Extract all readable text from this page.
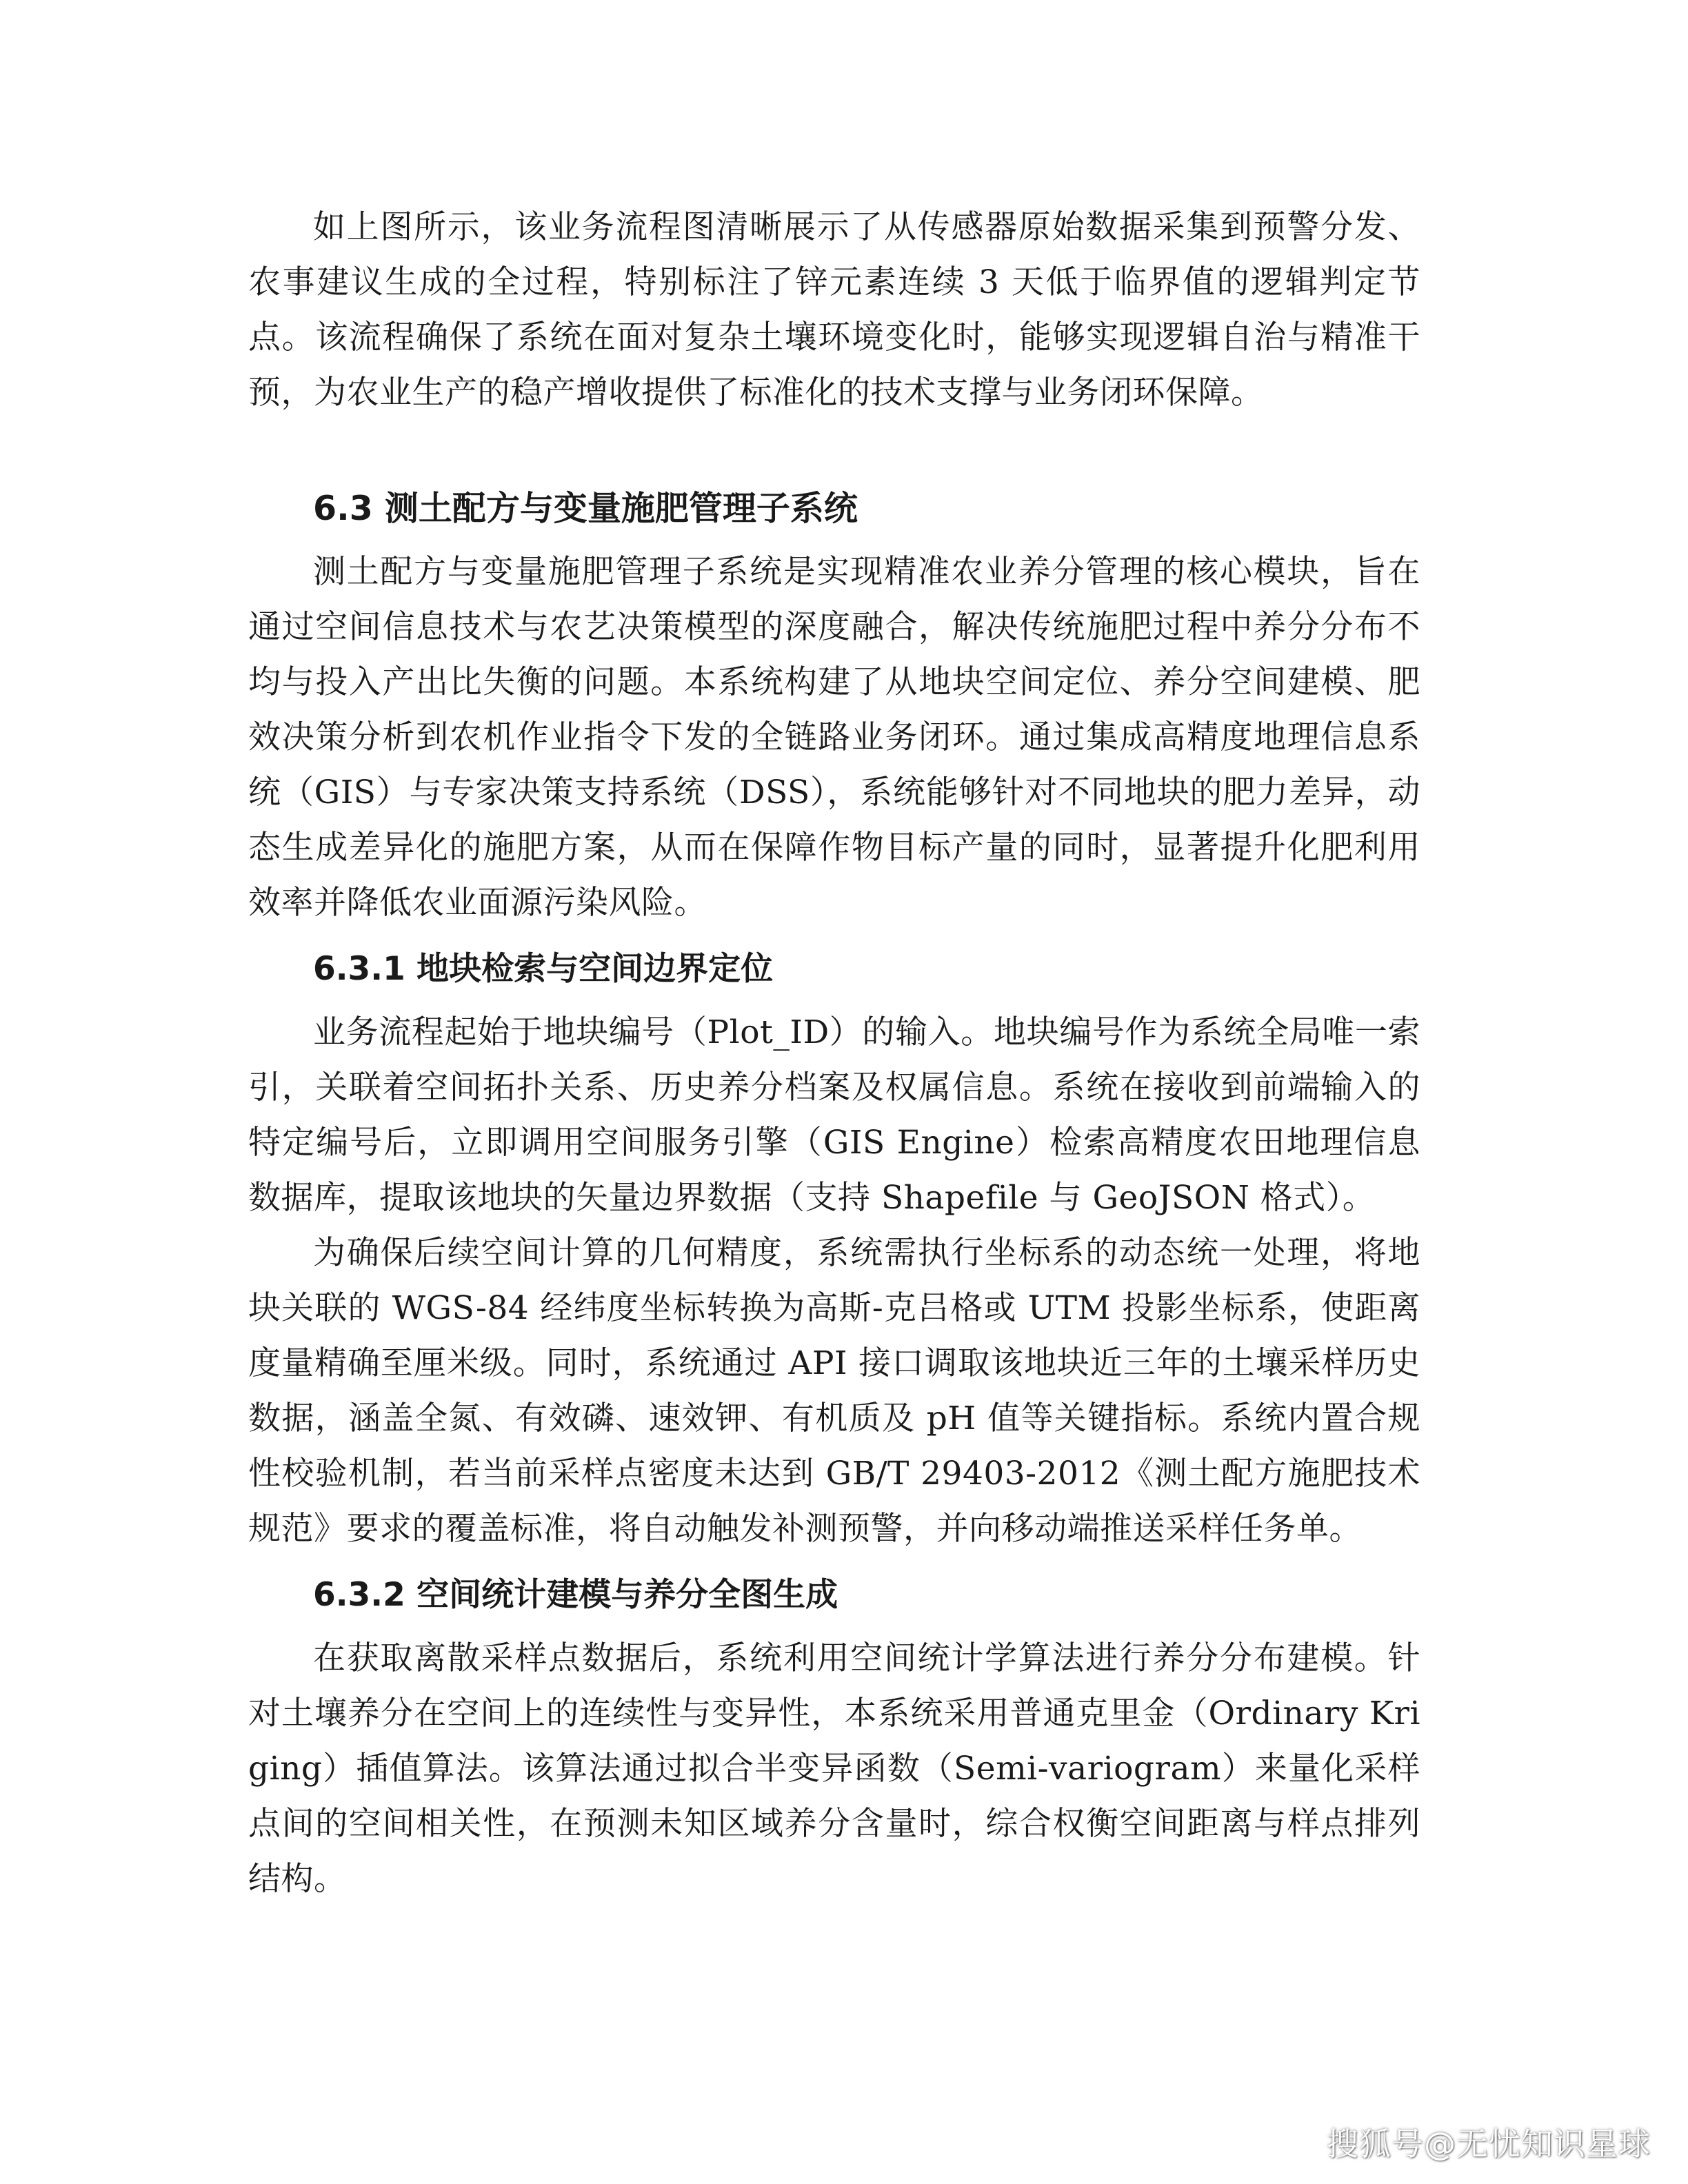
如上图所示，该业务流程图清晰展示了从传感器原始数据采集到预警分发、农事建议生成的全过程，特别标注了锌元素连续 3 天低于临界值的逻辑判定节点。该流程确保了系统在面对复杂土壤环境变化时，能够实现逻辑自治与精准干预，为农业生产的稳产增收提供了标准化的技术支撑与业务闭环保障。

6.3 测土配方与变量施肥管理子系统

测土配方与变量施肥管理子系统是实现精准农业养分管理的核心模块，旨在通过空间信息技术与农艺决策模型的深度融合，解决传统施肥过程中养分分布不均与投入产出比失衡的问题。本系统构建了从地块空间定位、养分空间建模、肥效决策分析到农机作业指令下发的全链路业务闭环。通过集成高精度地理信息系统（GIS）与专家决策支持系统（DSS），系统能够针对不同地块的肥力差异，动态生成差异化的施肥方案，从而在保障作物目标产量的同时，显著提升化肥利用效率并降低农业面源污染风险。

6.3.1 地块检索与空间边界定位

业务流程起始于地块编号（Plot_ID）的输入。地块编号作为系统全局唯一索引，关联着空间拓扑关系、历史养分档案及权属信息。系统在接收到前端输入的特定编号后，立即调用空间服务引擎（GIS Engine）检索高精度农田地理信息数据库，提取该地块的矢量边界数据（支持 Shapefile 与 GeoJSON 格式）。

为确保后续空间计算的几何精度，系统需执行坐标系的动态统一处理，将地块关联的 WGS-84 经纬度坐标转换为高斯-克吕格或 UTM 投影坐标系，使距离度量精确至厘米级。同时，系统通过 API 接口调取该地块近三年的土壤采样历史数据，涵盖全氮、有效磷、速效钾、有机质及 pH 值等关键指标。系统内置合规性校验机制，若当前采样点密度未达到 GB/T 29403-2012《测土配方施肥技术规范》要求的覆盖标准，将自动触发补测预警，并向移动端推送采样任务单。

6.3.2 空间统计建模与养分全图生成

在获取离散采样点数据后，系统利用空间统计学算法进行养分分布建模。针对土壤养分在空间上的连续性与变异性，本系统采用普通克里金（Ordinary Kriging）插值算法。该算法通过拟合半变异函数（Semi-variogram）来量化采样点间的空间相关性，在预测未知区域养分含量时，综合权衡空间距离与样点排列结构。

搜狐号@无忧知识星球
